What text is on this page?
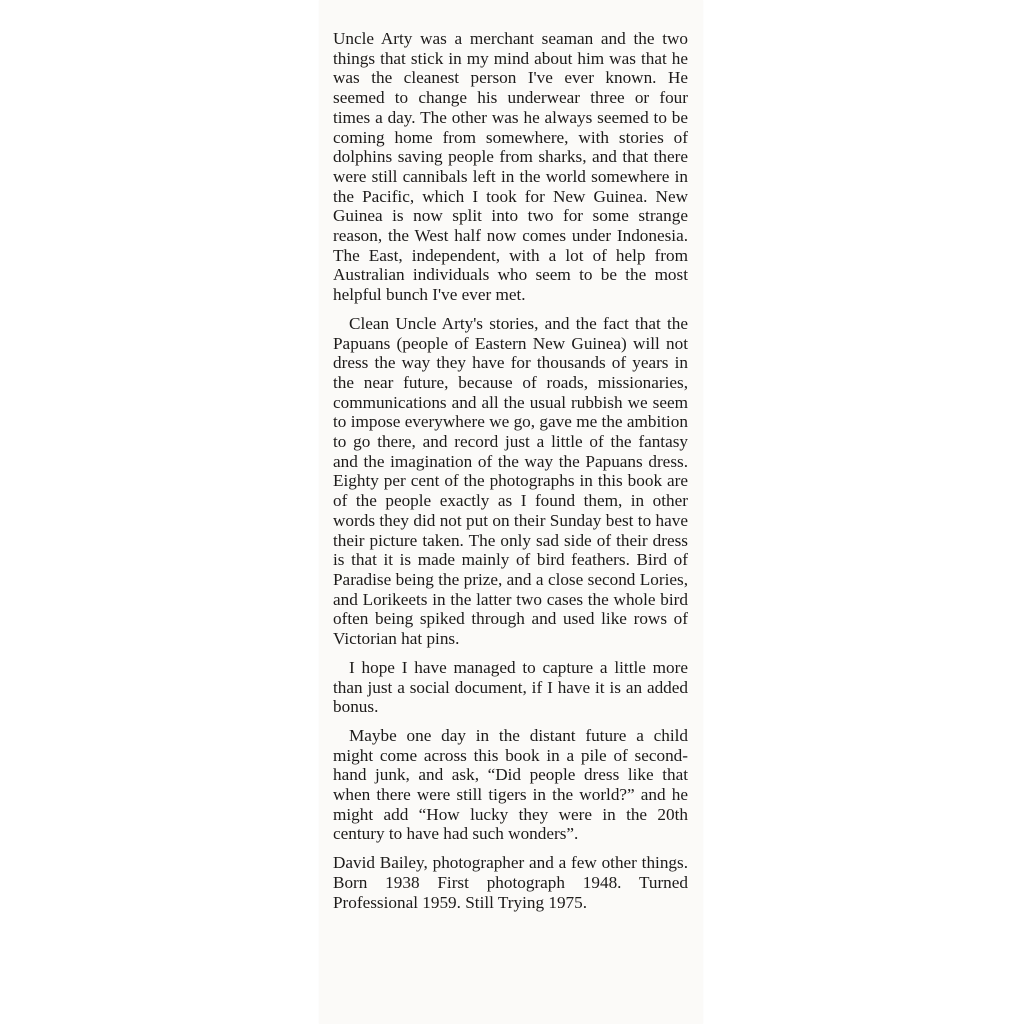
Uncle Arty was a merchant seaman and the two things that stick in my mind about him was that he was the cleanest person I've ever known. He seemed to change his underwear three or four times a day. The other was he always seemed to be coming home from somewhere, with stories of dolphins saving people from sharks, and that there were still cannibals left in the world somewhere in the Pacific, which I took for New Guinea. New Guinea is now split into two for some strange reason, the West half now comes under Indonesia. The East, independent, with a lot of help from Australian individuals who seem to be the most helpful bunch I've ever met.

Clean Uncle Arty's stories, and the fact that the Papuans (people of Eastern New Guinea) will not dress the way they have for thousands of years in the near future, because of roads, missionaries, communications and all the usual rubbish we seem to impose everywhere we go, gave me the ambition to go there, and record just a little of the fantasy and the imagination of the way the Papuans dress. Eighty per cent of the photographs in this book are of the people exactly as I found them, in other words they did not put on their Sunday best to have their picture taken. The only sad side of their dress is that it is made mainly of bird feathers. Bird of Paradise being the prize, and a close second Lories, and Lorikeets in the latter two cases the whole bird often being spiked through and used like rows of Victorian hat pins.

I hope I have managed to capture a little more than just a social document, if I have it is an added bonus.

Maybe one day in the distant future a child might come across this book in a pile of second-hand junk, and ask, “Did people dress like that when there were still tigers in the world?” and he might add “How lucky they were in the 20th century to have had such wonders”.

David Bailey, photographer and a few other things. Born 1938 First photograph 1948. Turned Professional 1959. Still Trying 1975.
